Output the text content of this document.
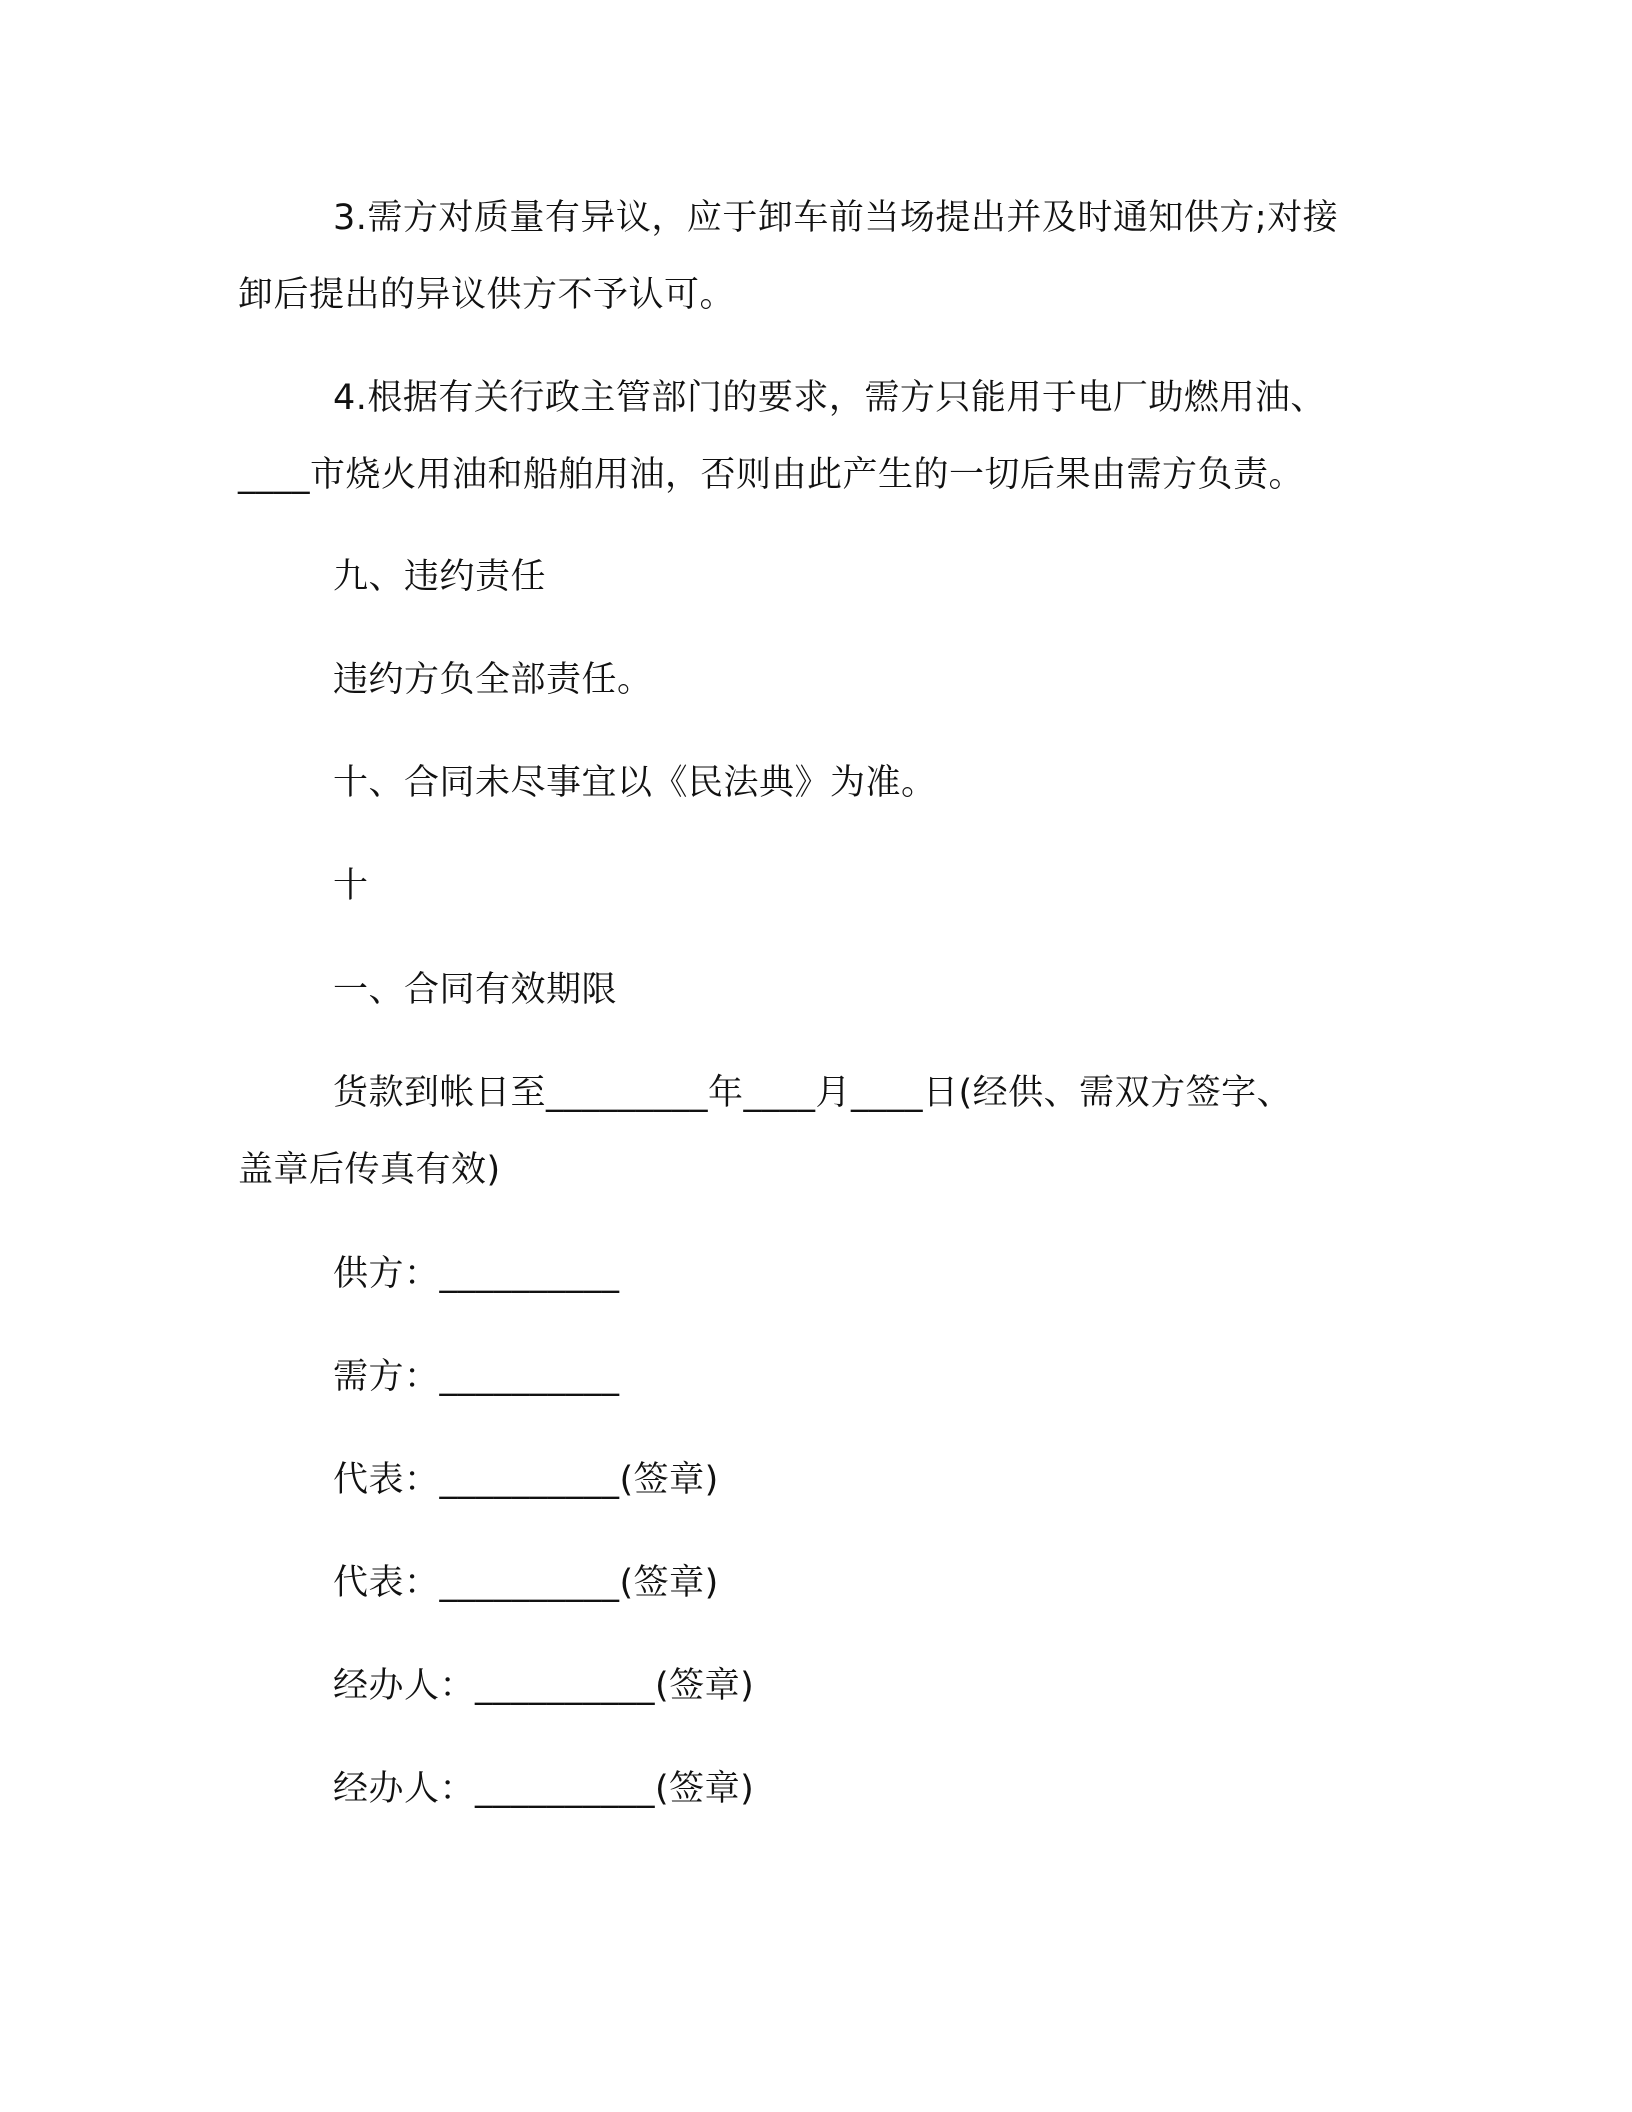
3.需方对质量有异议，应于卸车前当场提出并及时通知供方;对接
卸后提出的异议供方不予认可。
4.根据有关行政主管部门的要求，需方只能用于电厂助燃用油、
____市烧火用油和船舶用油，否则由此产生的一切后果由需方负责。
九、违约责任
违约方负全部责任。
十、合同未尽事宜以《民法典》为准。
十
一、合同有效期限
货款到帐日至_________年____月____日(经供、需双方签字、
盖章后传真有效)
供方：__________
需方：__________
代表：__________(签章)
代表：__________(签章)
经办人：__________(签章)
经办人：__________(签章)
